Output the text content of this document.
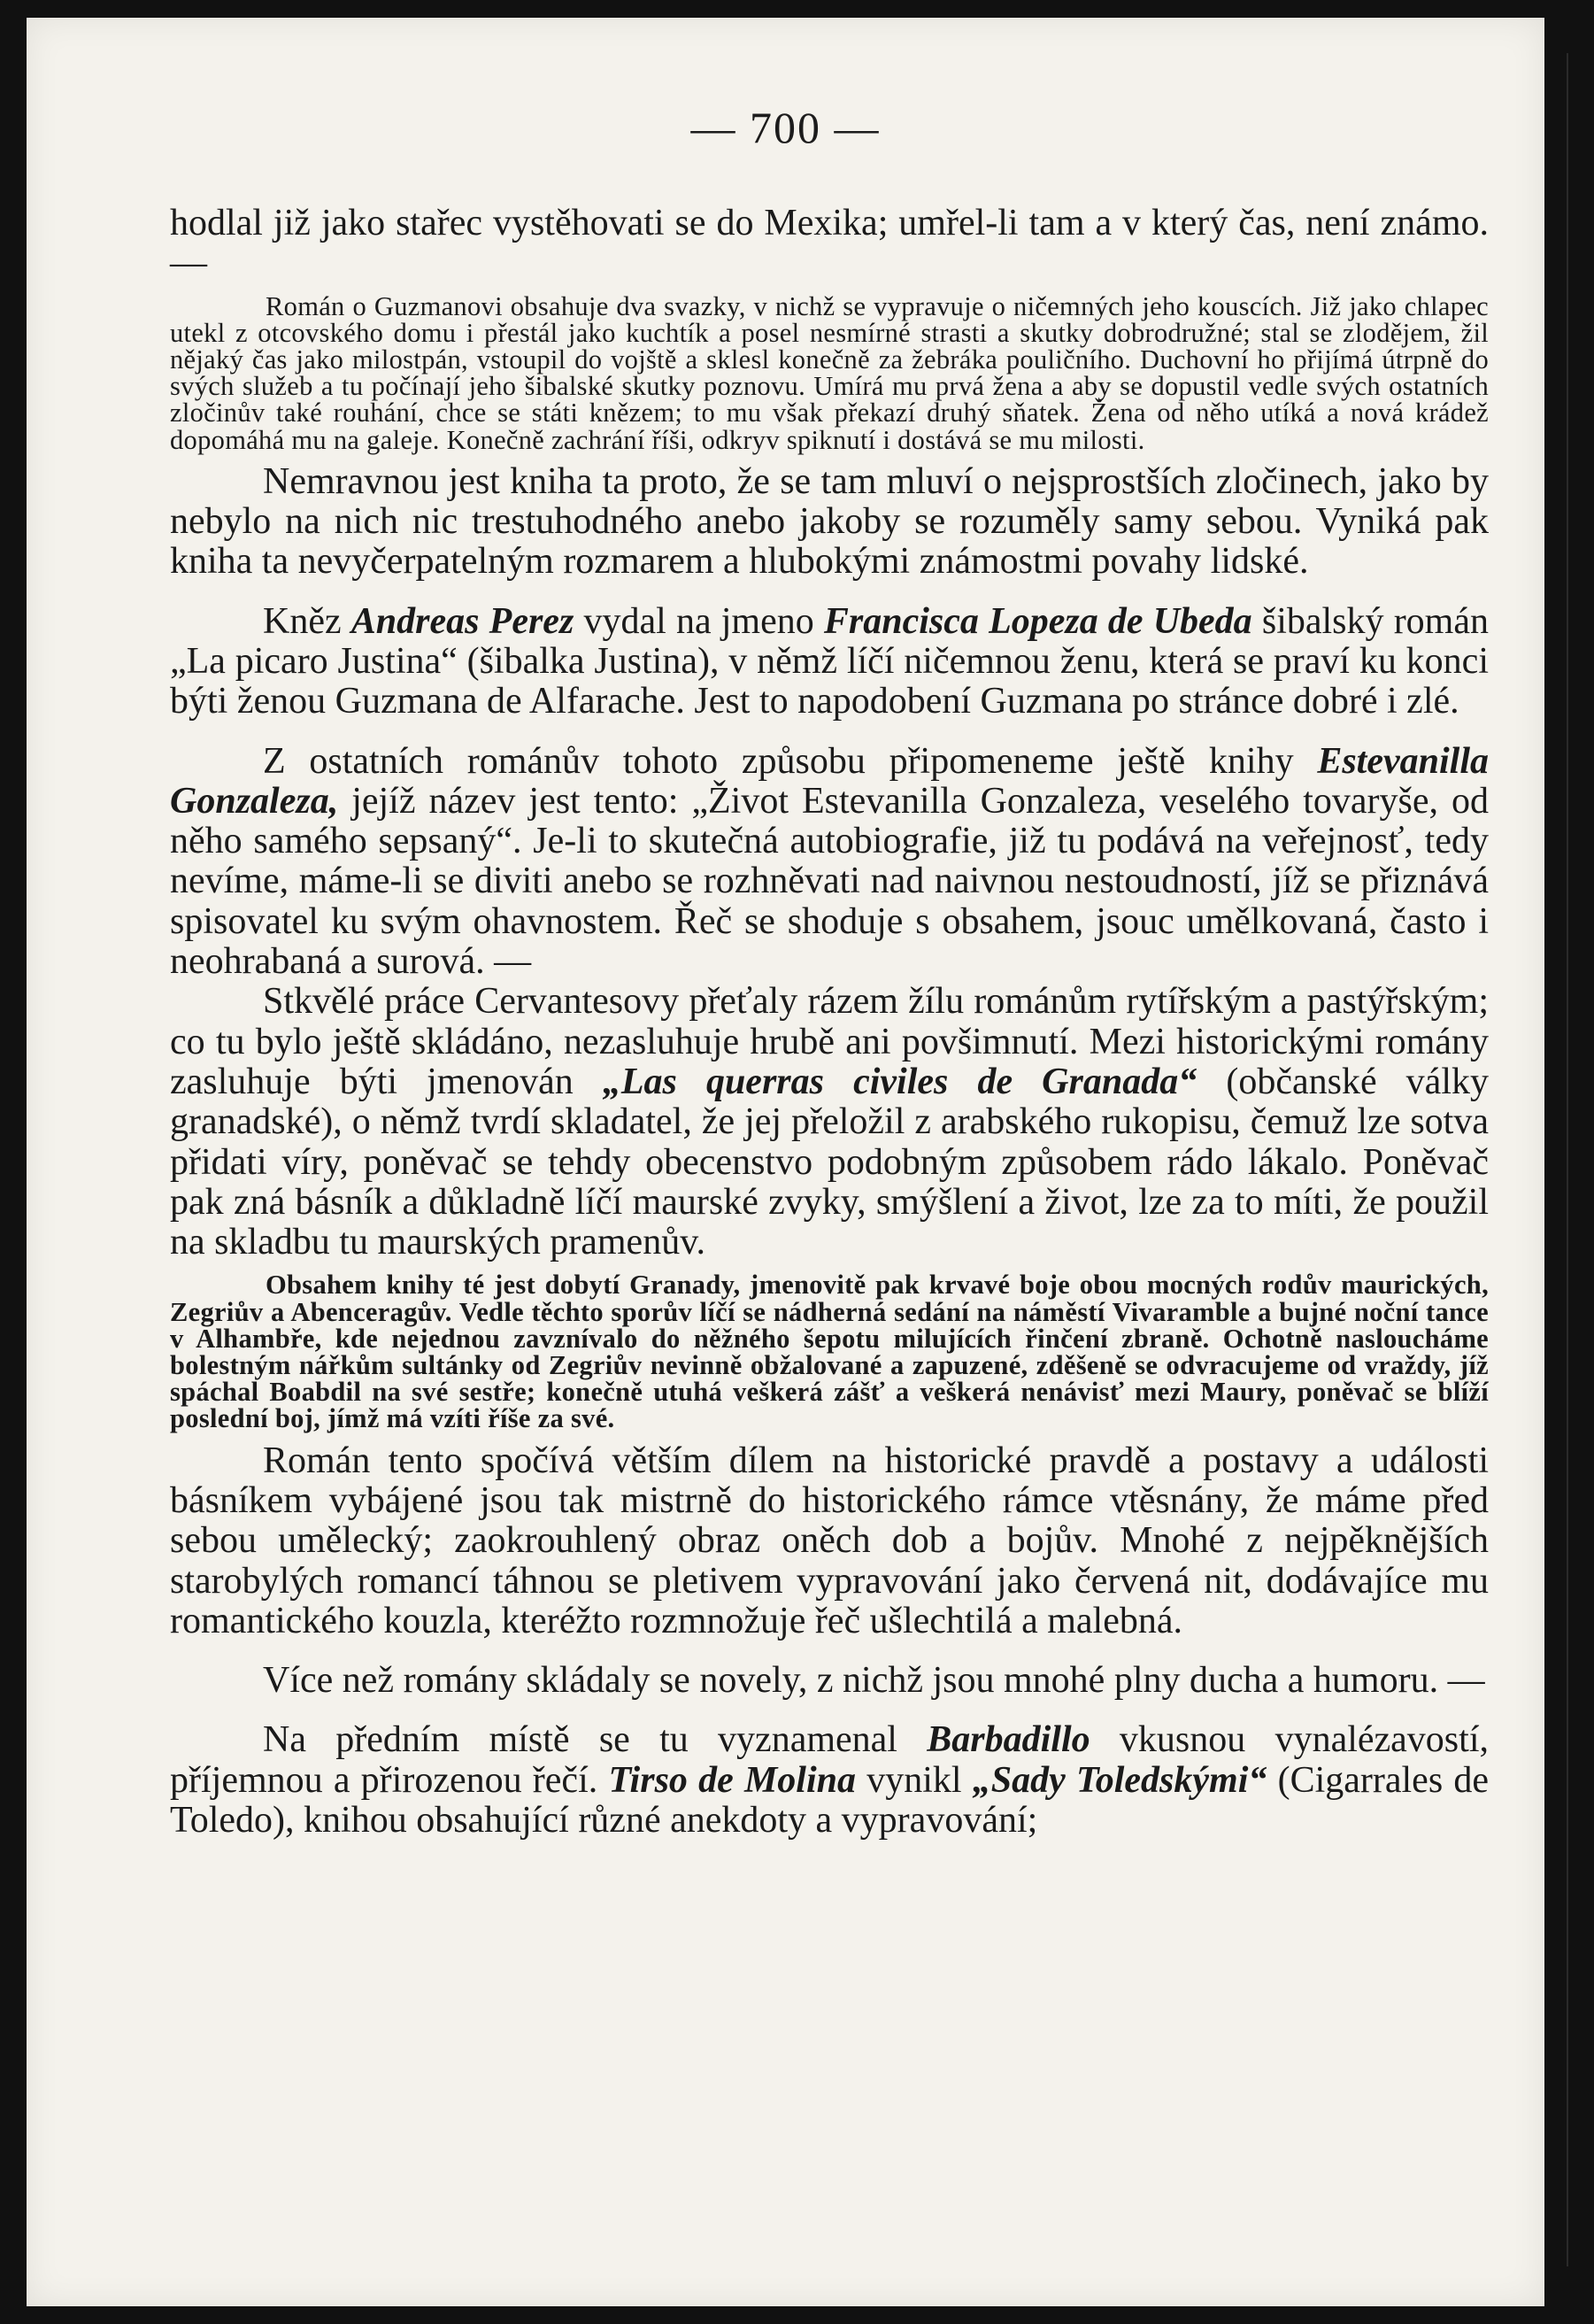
— 700 —

hodlal již jako stařec vystěhovati se do Mexika; umřel-li tam a v který čas, není známo. —

Román o Guzmanovi obsahuje dva svazky, v nichž se vypravuje o ničemných jeho kouscích. Již jako chlapec utekl z otcovského domu i přestál jako kuchtík a posel nesmírné strasti a skutky dobrodružné; stal se zlodějem, žil nějaký čas jako milostpán, vstoupil do vojště a sklesl konečně za žebráka pouličního. Duchovní ho přijímá útrpně do svých služeb a tu počínají jeho šibalské skutky poznovu. Umírá mu prvá žena a aby se dopustil vedle svých ostatních zločinův také rouhání, chce se státi knězem; to mu však překazí druhý sňatek. Žena od něho utíká a nová krádež dopomáhá mu na galeje. Konečně zachrání říši, odkryv spiknutí i dostává se mu milosti.

Nemravnou jest kniha ta proto, že se tam mluví o nejsprostších zločinech, jako by nebylo na nich nic trestuhodného anebo jakoby se rozuměly samy sebou. Vyniká pak kniha ta nevyčerpatelným rozmarem a hlubokými známostmi povahy lidské.

Kněz Andreas Perez vydal na jmeno Francisca Lopeza de Ubeda šibalský román „La picaro Justina“ (šibalka Justina), v němž líčí ničemnou ženu, která se praví ku konci býti ženou Guzmana de Alfarache. Jest to napodobení Guzmana po stránce dobré i zlé.

Z ostatních románův tohoto způsobu připomeneme ještě knihy Estevanilla Gonzaleza, jejíž název jest tento: „Život Estevanilla Gonzaleza, veselého tovaryše, od něho samého sepsaný“. Je-li to skutečná autobiografie, již tu podává na veřejnosť, tedy nevíme, máme-li se diviti anebo se rozhněvati nad naivnou nestoudností, jíž se přiznává spisovatel ku svým ohavnostem. Řeč se shoduje s obsahem, jsouc umělkovaná, často i neohrabaná a surová. —

Stkvělé práce Cervantesovy přeťaly rázem žílu románům rytířským a pastýřským; co tu bylo ještě skládáno, nezasluhuje hrubě ani povšimnutí. Mezi historickými romány zasluhuje býti jmenován „Las querras civiles de Granada“ (občanské války granadské), o němž tvrdí skladatel, že jej přeložil z arabského rukopisu, čemuž lze sotva přidati víry, poněvač se tehdy obecenstvo podobným způsobem rádo lákalo. Poněvač pak zná básník a důkladně líčí maurské zvyky, smýšlení a život, lze za to míti, že použil na skladbu tu maurských pramenův.

Obsahem knihy té jest dobytí Granady, jmenovitě pak krvavé boje obou mocných rodův maurických, Zegriův a Abenceragův. Vedle těchto sporův líčí se nádherná sedání na náměstí Vivaramble a bujné noční tance v Alhambře, kde nejednou zavznívalo do něžného šepotu milujících řinčení zbraně. Ochotně nasloucháme bolestným nářkům sultánky od Zegriův nevinně obžalované a zapuzené, zděšeně se odvracujeme od vraždy, jíž spáchal Boabdil na své sestře; konečně utuhá veškerá zášť a veškerá nenávisť mezi Maury, poněvač se blíží poslední boj, jímž má vzíti říše za své.

Román tento spočívá větším dílem na historické pravdě a postavy a události básníkem vybájené jsou tak mistrně do historického rámce vtěsnány, že máme před sebou umělecký; zaokrouhlený obraz oněch dob a bojův. Mnohé z nejpěknějších starobylých romancí táhnou se pletivem vypravování jako červená nit, dodávajíce mu romantického kouzla, kteréžto rozmnožuje řeč ušlechtilá a malebná.

Více než romány skládaly se novely, z nichž jsou mnohé plny ducha a humoru. —

Na předním místě se tu vyznamenal Barbadillo vkusnou vynalézavostí, příjemnou a přirozenou řečí. Tirso de Molina vynikl „Sady Toledskými“ (Cigarrales de Toledo), knihou obsahující různé anekdoty a vypravování;
